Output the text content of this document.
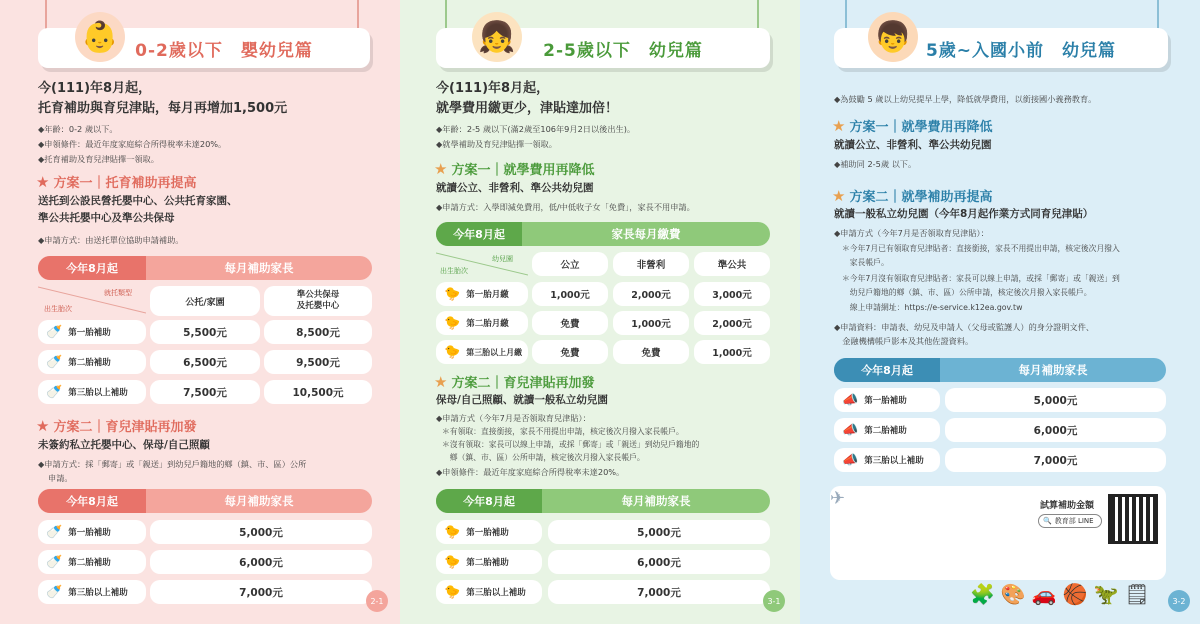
0-2歲以下　嬰幼兒篇
👶
今(111)年8月起，
托育補助與育兒津貼，每月再增加1,500元
◆年齡：0-2 歲以下。
◆申領條件：最近年度家庭綜合所得稅率未達20%。
◆托育補助及育兒津貼擇一領取。
★ 方案一｜托育補助再提高
送托到公設民營托嬰中心、公共托育家園、
準公共托嬰中心及準公共保母
◆申請方式：由送托單位協助申請補助。
今年8月起	每月補助家長
就托類型
出生胎次
公托/家園
準公共保母
及托嬰中心
🍼 第一胎補助	5,500元	8,500元
🍼 第二胎補助	6,500元	9,500元
🍼 第三胎以上補助	7,500元	10,500元
★ 方案二｜育兒津貼再加發
未簽約私立托嬰中心、保母/自己照顧
◆申請方式：採「郵寄」或「親送」到幼兒戶籍地的鄉（鎮、市、區）公所
申請。
今年8月起	每月補助家長
🍼 第一胎補助	5,000元
🍼 第二胎補助	6,000元
🍼 第三胎以上補助	7,000元
2-1
2-5歲以下　幼兒篇
👧
今(111)年8月起，
就學費用繳更少，津貼達加倍！
◆年齡：2-5 歲以下(滿2歲至106年9月2日以後出生)。
◆就學補助及育兒津貼擇一領取。
★ 方案一｜就學費用再降低
就讀公立、非營利、準公共幼兒園
◆申請方式：入學即減免費用，低/中低收子女「免費」，家長不用申請。
今年8月起	家長每月繳費
幼兒園
出生胎次	公立	非營利	準公共
🐤 第一胎月繳	1,000元	2,000元	3,000元
🐤 第二胎月繳	免費	1,000元	2,000元
🐤 第三胎以上月繳	免費	免費	1,000元
★ 方案二｜育兒津貼再加發
保母/自己照顧、就讀一般私立幼兒園
◆申請方式（今年7月是否領取育兒津貼）：
＊有領取：直接銜接，家長不用提出申請，核定後次月撥入家長帳戶。
＊沒有領取：家長可以線上申請，或採「郵寄」或「親送」到幼兒戶籍地的
　鄉（鎮、市、區）公所申請，核定後次月撥入家長帳戶。
◆申領條件：最近年度家庭綜合所得稅率未達20%。
今年8月起	每月補助家長
🐤 第一胎補助	5,000元
🐤 第二胎補助	6,000元
🐤 第三胎以上補助	7,000元
3-1
5歲~入國小前　幼兒篇
👦
◆為鼓勵 5 歲以上幼兒提早上學，降低就學費用，以銜接國小義務教育。
★ 方案一｜就學費用再降低
就讀公立、非營利、準公共幼兒園
◆補助同 2-5歲 以下。
★ 方案二｜就學補助再提高
就讀一般私立幼兒園（今年8月起作業方式同育兒津貼）
◆申請方式（今年7月是否領取育兒津貼）：
＊今年7月已有領取育兒津貼者：直接銜接，家長不用提出申請，核定後次月撥入
　家長帳戶。
＊今年7月沒有領取育兒津貼者：家長可以線上申請，或採「郵寄」或「親送」到
　幼兒戶籍地的鄉（鎮、市、區）公所申請，核定後次月撥入家長帳戶。
　線上申請網址：https://e-service.k12ea.gov.tw
◆申請資料：申請表、幼兒及申請人（父母或監護人）的身分證明文件、
　金融機構帳戶影本及其他佐證資料。
今年8月起	每月補助家長
📣 第一胎補助	5,000元
📣 第二胎補助	6,000元
📣 第三胎以上補助	7,000元
✈	試算補助金額
🔍 教育部 LINE
🧩🎨🚗🏀🦖🗒	3-2
